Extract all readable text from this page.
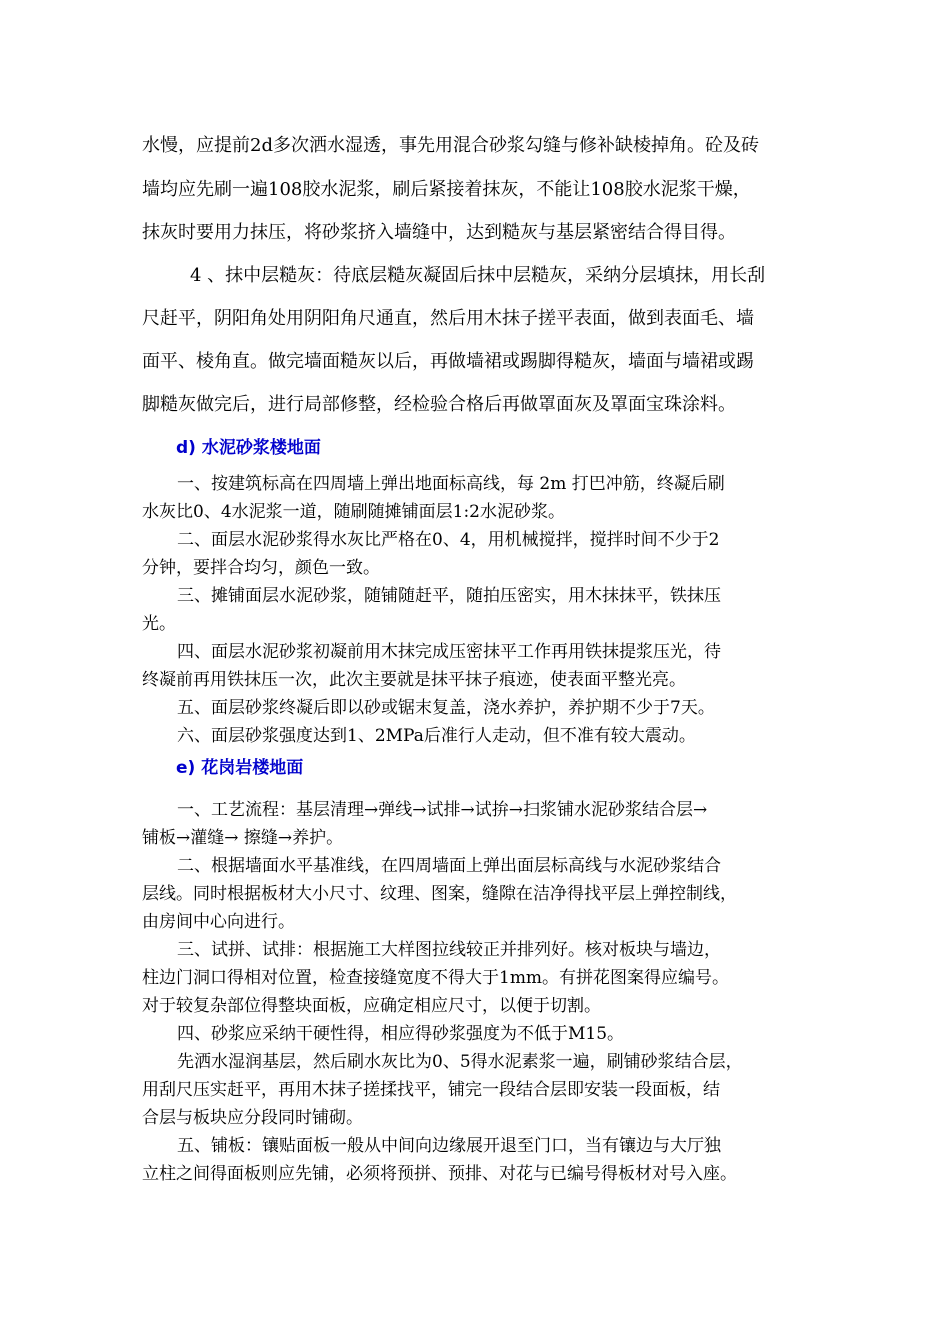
水慢，应提前2d多次洒水湿透，事先用混合砂浆勾缝与修补缺棱掉角。砼及砖

墙均应先刷一遍108胶水泥浆，刷后紧接着抹灰，不能让108胶水泥浆干燥，

抹灰时要用力抹压，将砂浆挤入墙缝中，达到糙灰与基层紧密结合得目得。

4 、抹中层糙灰：待底层糙灰凝固后抹中层糙灰，采纳分层填抹，用长刮

尺赶平，阴阳角处用阴阳角尺通直，然后用木抹子搓平表面，做到表面毛、墙

面平、棱角直。做完墙面糙灰以后，再做墙裙或踢脚得糙灰，墙面与墙裙或踢

脚糙灰做完后，进行局部修整，经检验合格后再做罩面灰及罩面宝珠涂料。

d) 水泥砂浆楼地面

一、按建筑标高在四周墙上弹出地面标高线，每 2m 打巴冲筋，终凝后刷

水灰比0、4水泥浆一道，随刷随摊铺面层1:2水泥砂浆。

二、面层水泥砂浆得水灰比严格在0、4，用机械搅拌，搅拌时间不少于2

分钟，要拌合均匀，颜色一致。

三、摊铺面层水泥砂浆，随铺随赶平，随拍压密实，用木抹抹平，铁抹压

光。

四、面层水泥砂浆初凝前用木抹完成压密抹平工作再用铁抹提浆压光，待

终凝前再用铁抹压一次，此次主要就是抹平抹子痕迹，使表面平整光亮。

五、面层砂浆终凝后即以砂或锯末复盖，浇水养护，养护期不少于7天。

六、面层砂浆强度达到1、2MPa后准行人走动，但不准有较大震动。

e) 花岗岩楼地面

一、工艺流程：基层清理→弹线→试排→试拚→扫浆铺水泥砂浆结合层→

铺板→灌缝→ 擦缝→养护。

二、根据墙面水平基准线，在四周墙面上弹出面层标高线与水泥砂浆结合

层线。同时根据板材大小尺寸、纹理、图案，缝隙在洁净得找平层上弹控制线，

由房间中心向进行。

三、试拼、试排：根据施工大样图拉线较正并排列好。核对板块与墙边，

柱边门洞口得相对位置，检查接缝宽度不得大于1mm。有拼花图案得应编号。

对于较复杂部位得整块面板，应确定相应尺寸，以便于切割。

四、砂浆应采纳干硬性得，相应得砂浆强度为不低于M15。

先洒水湿润基层，然后刷水灰比为0、5得水泥素浆一遍，刷铺砂浆结合层，

用刮尺压实赶平，再用木抹子搓揉找平，铺完一段结合层即安装一段面板，结

合层与板块应分段同时铺砌。

五、铺板：镶贴面板一般从中间向边缘展开退至门口，当有镶边与大厅独

立柱之间得面板则应先铺，必须将预拼、预排、对花与已编号得板材对号入座。
